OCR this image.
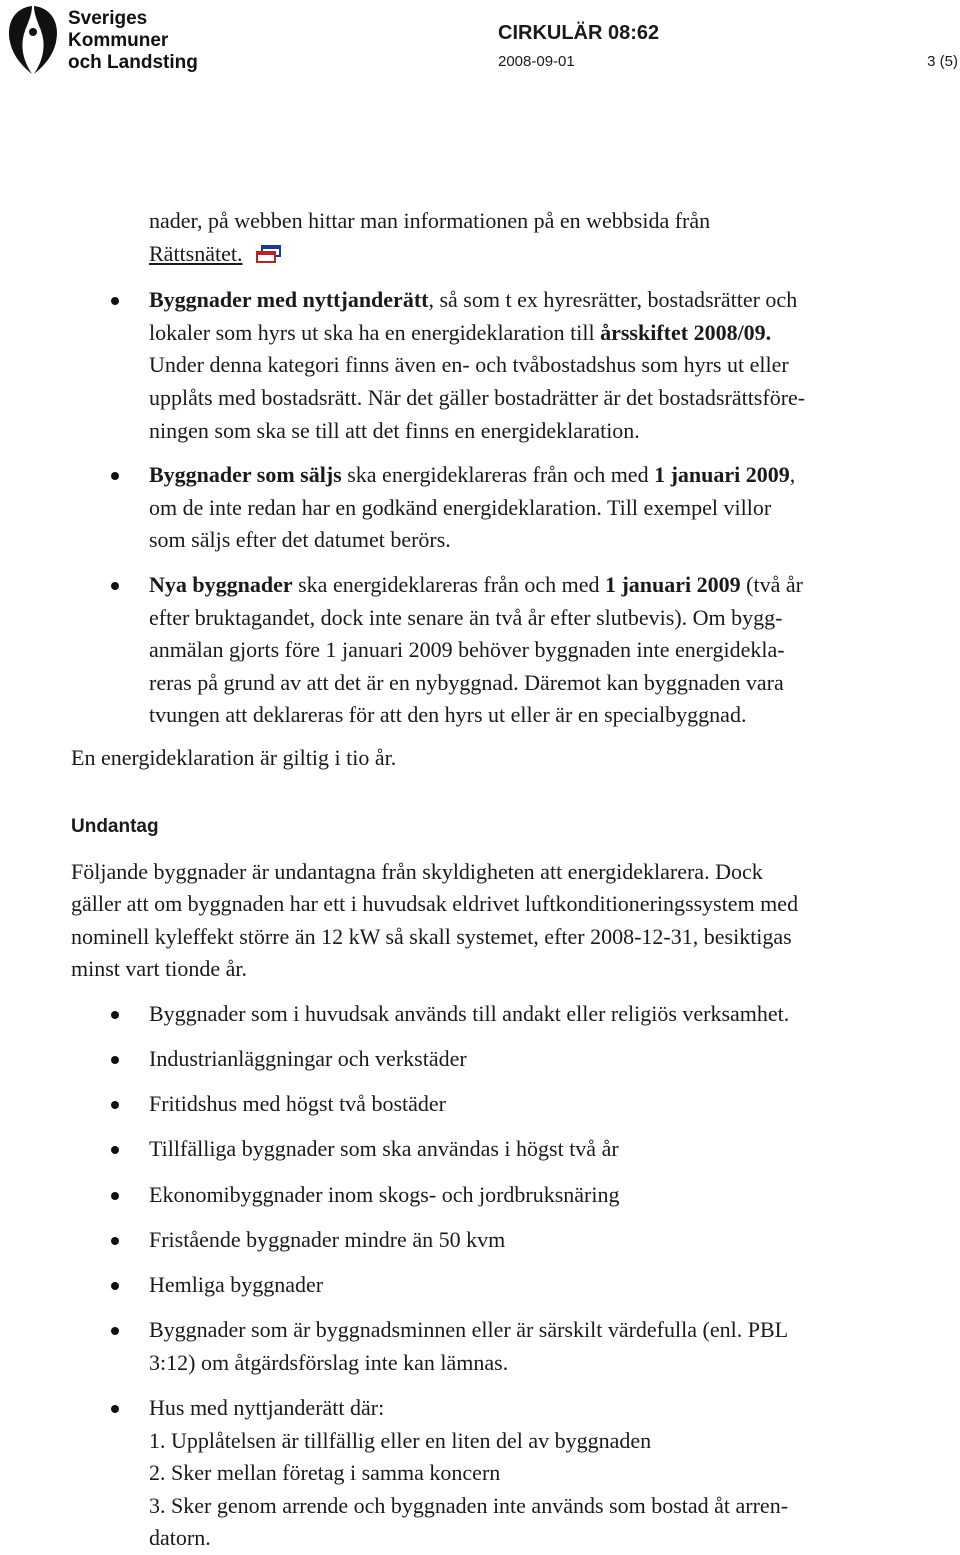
Sveriges
Kommuner
och Landsting
CIRKULÄR 08:62
2008-09-01	3 (5)
nader, på webben hittar man informationen på en webbsida från
Rättsnätet.
Byggnader med nyttjanderätt, så som t ex hyresrätter, bostadsrätter och
lokaler som hyrs ut ska ha en energideklaration till årsskiftet 2008/09.
Under denna kategori finns även en- och tvåbostadshus som hyrs ut eller
upplåts med bostadsrätt. När det gäller bostadrätter är det bostadsrättsföre-
ningen som ska se till att det finns en energideklaration.
Byggnader som säljs ska energideklareras från och med 1 januari 2009,
om de inte redan har en godkänd energideklaration. Till exempel villor
som säljs efter det datumet berörs.
Nya byggnader ska energideklareras från och med 1 januari 2009 (två år
efter bruktagandet, dock inte senare än två år efter slutbevis). Om bygg-
anmälan gjorts före 1 januari 2009 behöver byggnaden inte energidekla-
reras på grund av att det är en nybyggnad. Däremot kan byggnaden vara
tvungen att deklareras för att den hyrs ut eller är en specialbyggnad.
En energideklaration är giltig i tio år.
Undantag
Följande byggnader är undantagna från skyldigheten att energideklarera. Dock
gäller att om byggnaden har ett i huvudsak eldrivet luftkonditioneringssystem med
nominell kyleffekt större än 12 kW så skall systemet, efter 2008-12-31, besiktigas
minst vart tionde år.
Byggnader som i huvudsak används till andakt eller religiös verksamhet.
Industrianläggningar och verkstäder
Fritidshus med högst två bostäder
Tillfälliga byggnader som ska användas i högst två år
Ekonomibyggnader inom skogs- och jordbruksnäring
Fristående byggnader mindre än 50 kvm
Hemliga byggnader
Byggnader som är byggnadsminnen eller är särskilt värdefulla (enl. PBL
3:12) om åtgärdsförslag inte kan lämnas.
Hus med nyttjanderätt där:
1. Upplåtelsen är tillfällig eller en liten del av byggnaden
2. Sker mellan företag i samma koncern
3. Sker genom arrende och byggnaden inte används som bostad åt arren-
datorn.
